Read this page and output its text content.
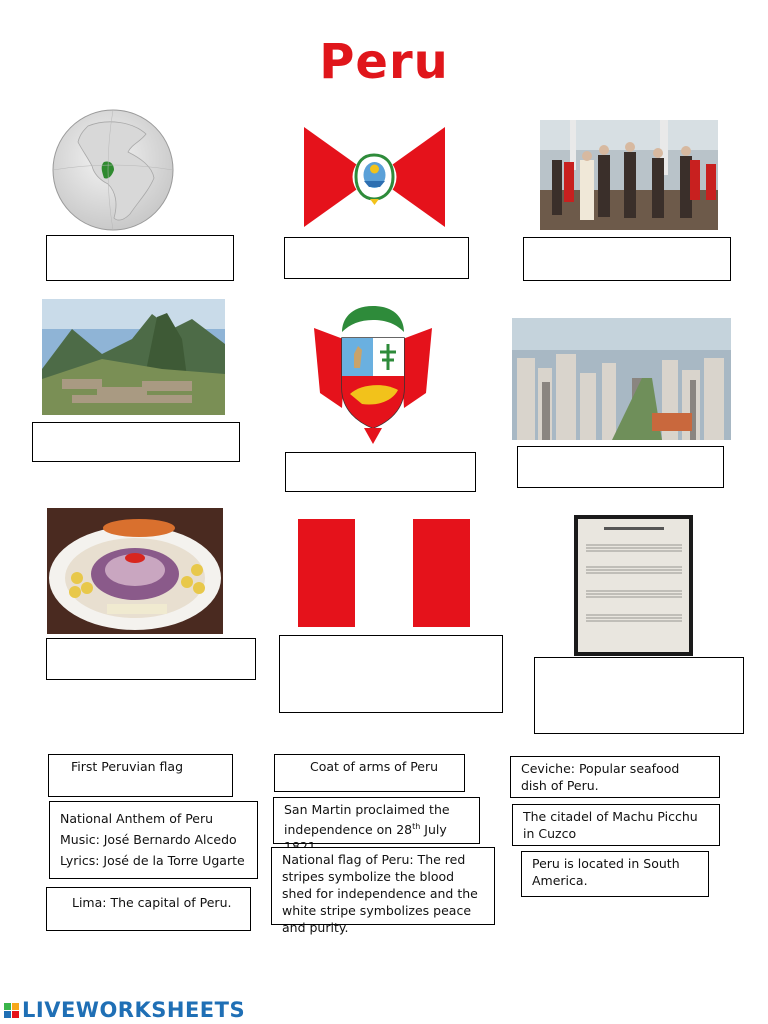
Peru

First Peruvian flag	Coat of arms of Peru	Ceviche: Popular seafood dish of Peru.

National Anthem of Peru

Music: José Bernardo Alcedo

Lyrics: José de la Torre Ugarte

San Martin proclaimed the independence on 28th July

The citadel of Machu Picchu in Cuzco

National flag of Peru: The red stripes symbolize the blood shed for independence and the white stripe symbolizes peace and purity.

Peru is located in South America.

Lima: The capital of Peru.

LIVEWORKSHEETS
